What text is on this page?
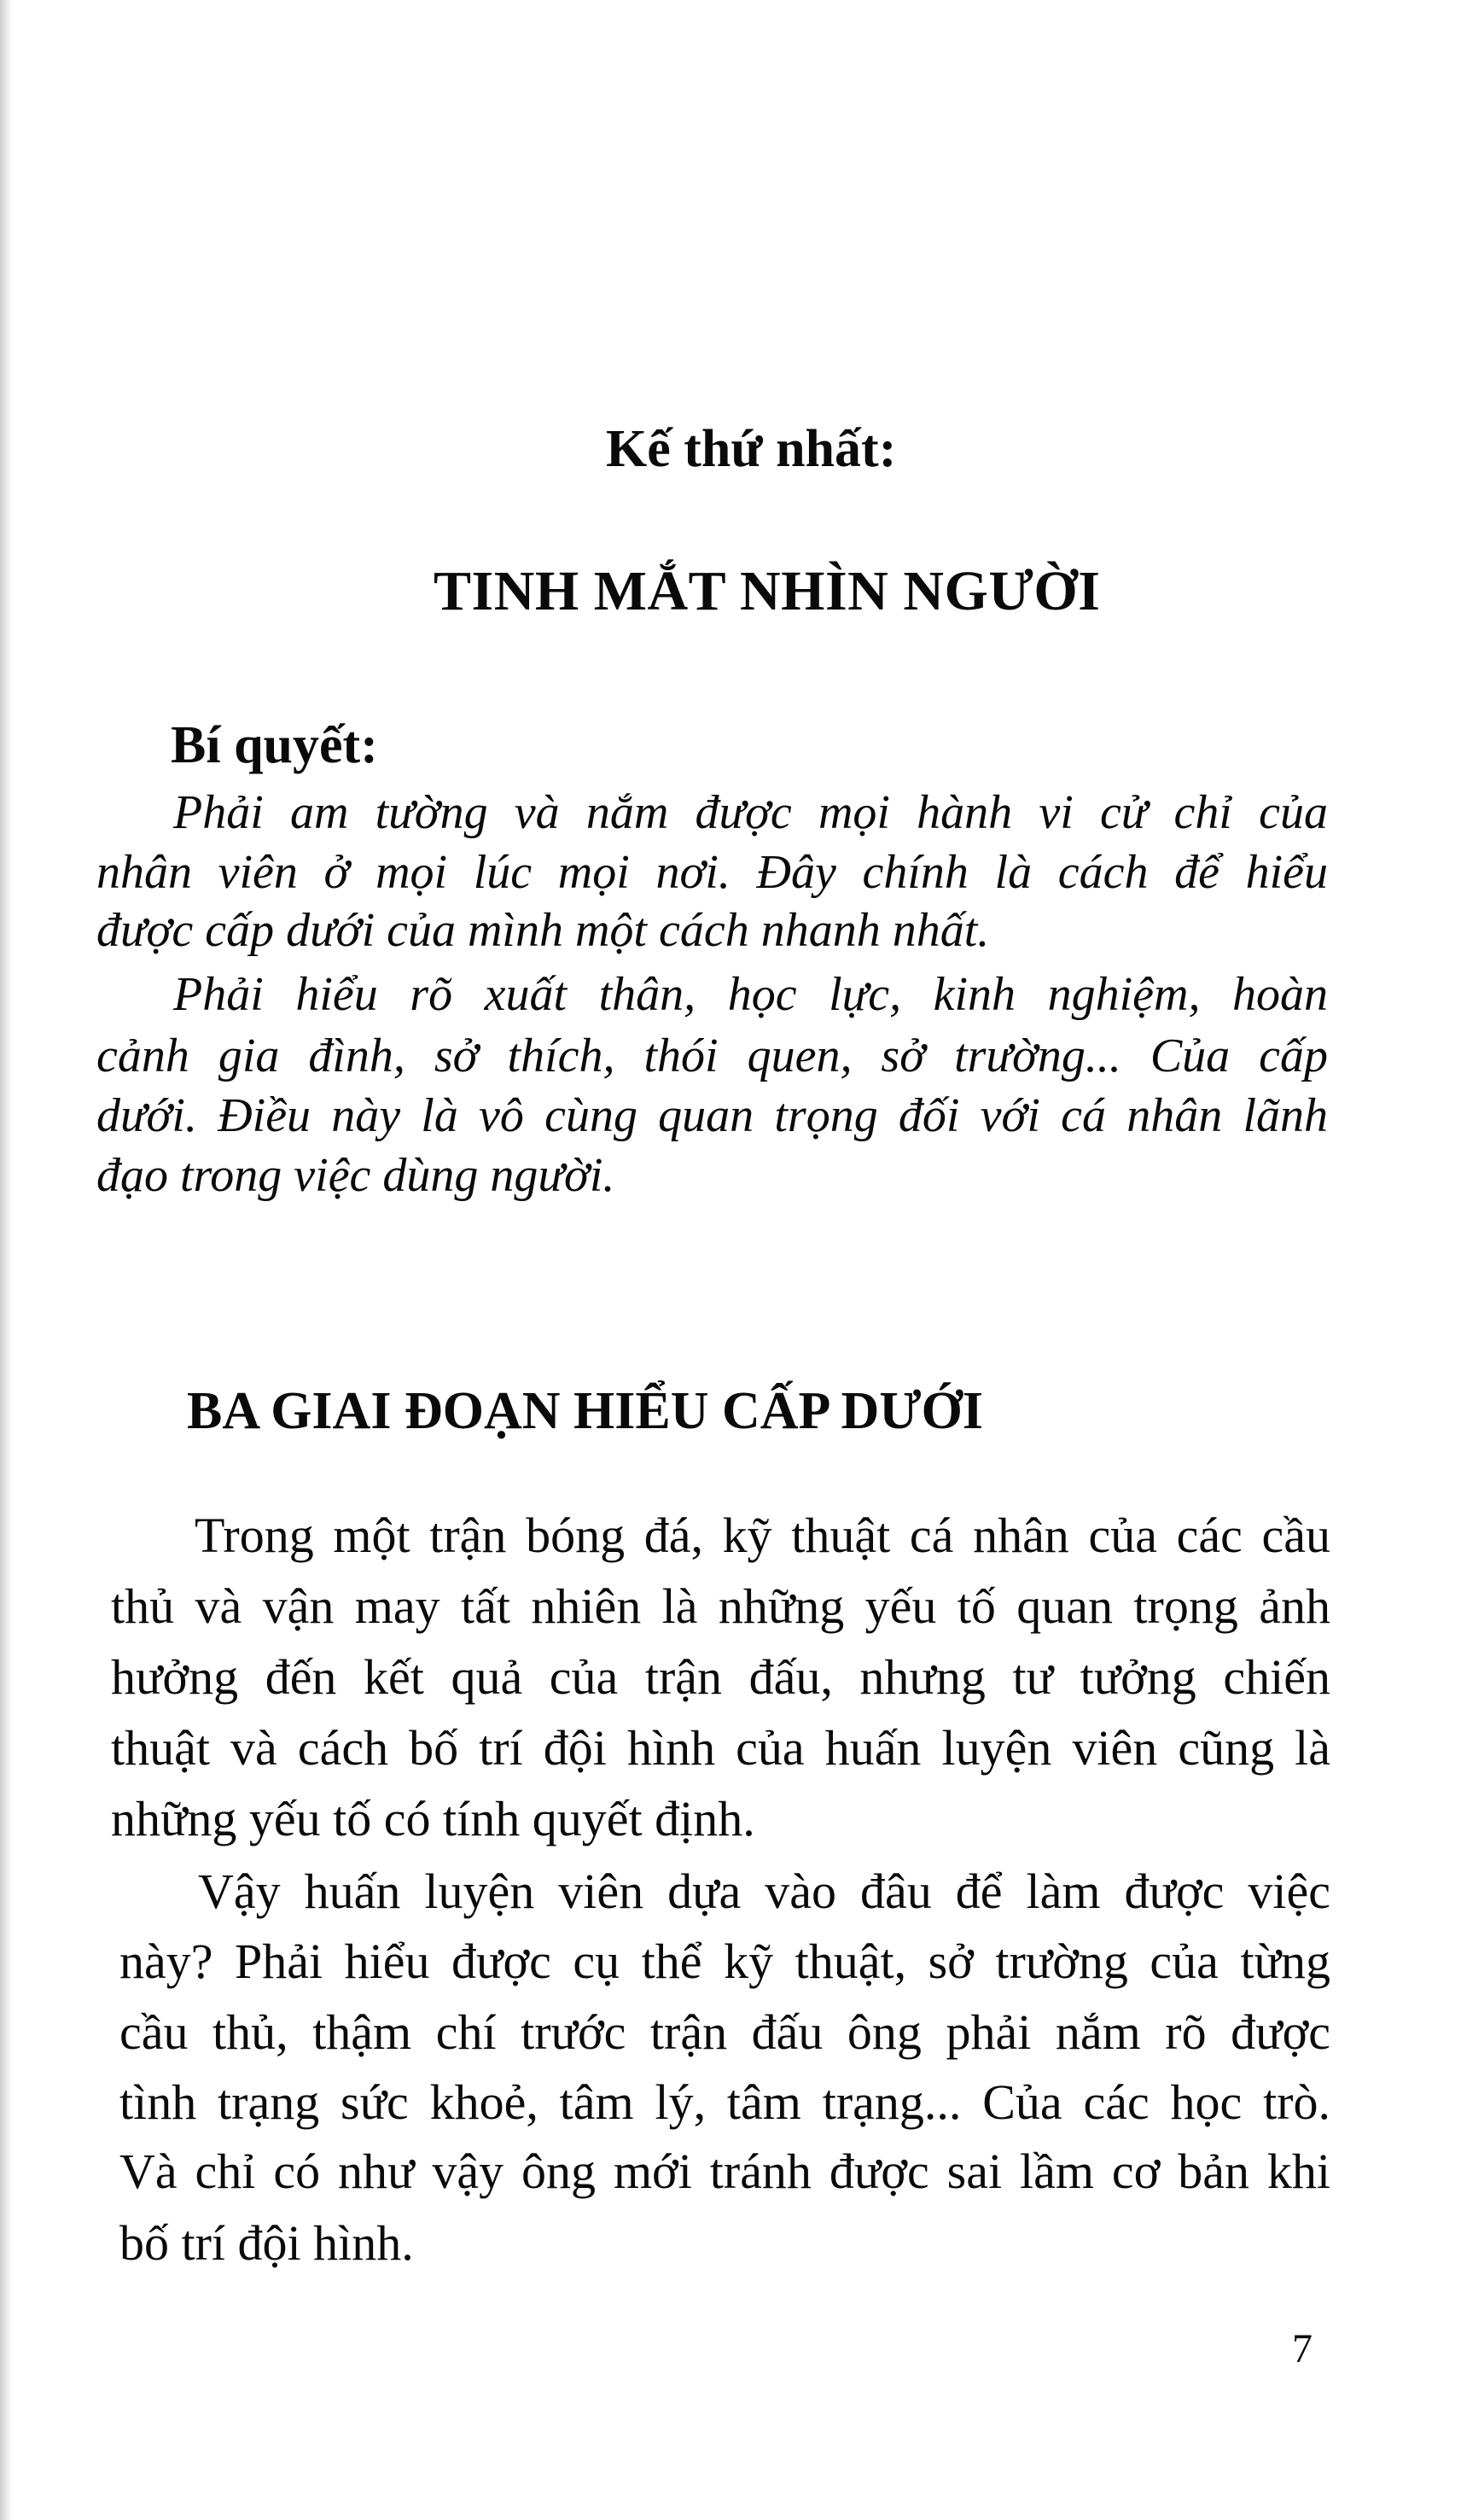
Kế thứ nhất:
TINH MẮT NHÌN NGƯỜI
Bí quyết:
Phải am tường và nắm được mọi hành vi cử chỉ của
nhân viên ở mọi lúc mọi nơi. Đây chính là cách để hiểu
được cấp dưới của mình một cách nhanh nhất.
Phải hiểu rõ xuất thân, học lực, kinh nghiệm, hoàn
cảnh gia đình, sở thích, thói quen, sở trường... Của cấp
dưới. Điều này là vô cùng quan trọng đối với cá nhân lãnh
đạo trong việc dùng người.
BA GIAI ĐOẠN HIỂU CẤP DƯỚI
Trong một trận bóng đá, kỹ thuật cá nhân của các cầu
thủ và vận may tất nhiên là những yếu tố quan trọng ảnh
hưởng đến kết quả của trận đấu, nhưng tư tưởng chiến
thuật và cách bố trí đội hình của huấn luyện viên cũng là
những yếu tố có tính quyết định.
Vậy huấn luyện viên dựa vào đâu để làm được việc
này? Phải hiểu được cụ thể kỹ thuật, sở trường của từng
cầu thủ, thậm chí trước trận đấu ông phải nắm rõ được
tình trạng sức khoẻ, tâm lý, tâm trạng... Của các học trò.
Và chỉ có như vậy ông mới tránh được sai lầm cơ bản khi
bố trí đội hình.
7
